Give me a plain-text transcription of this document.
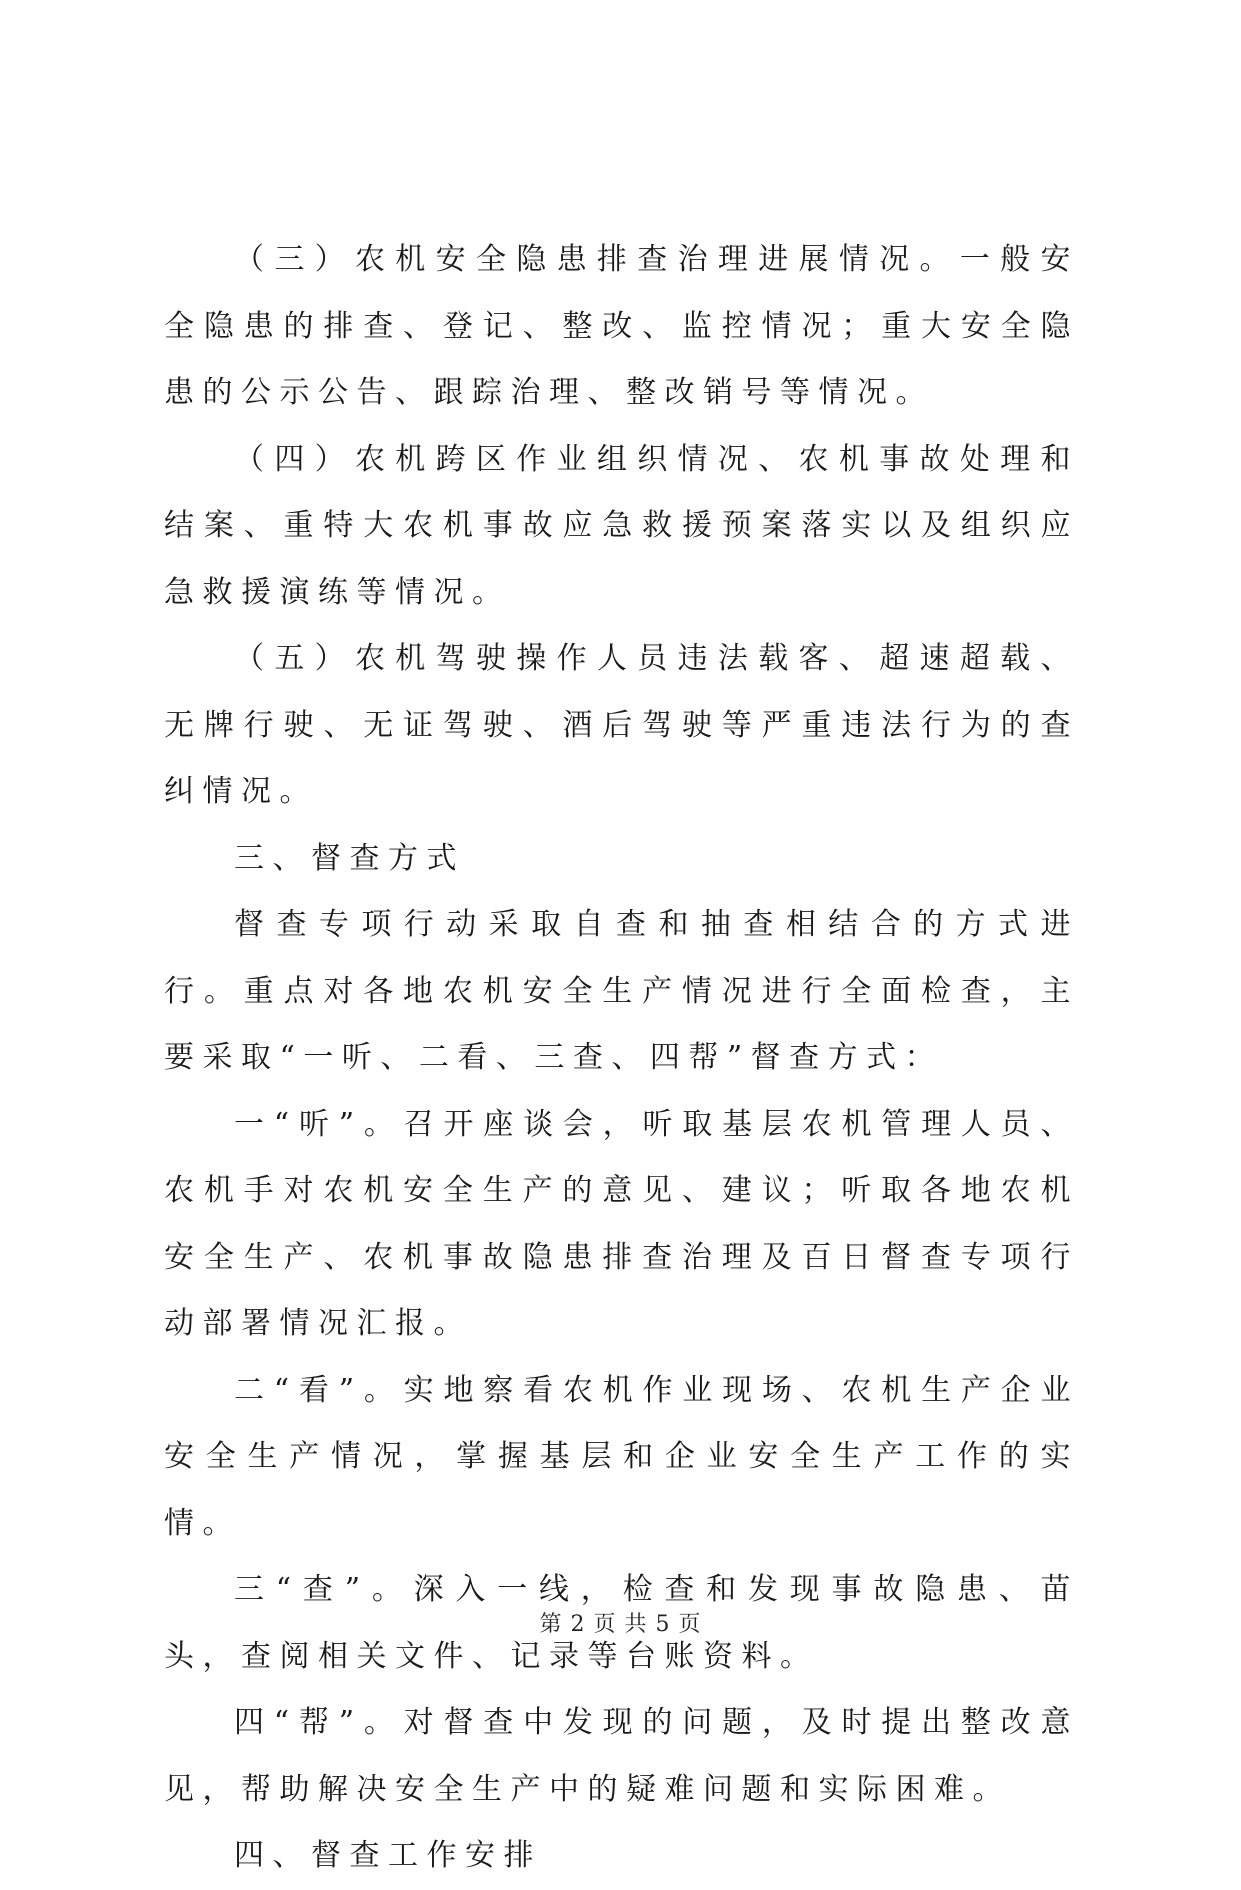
（三）农机安全隐患排查治理进展情况。一般安全隐患的排查、登记、整改、监控情况；重大安全隐患的公示公告、跟踪治理、整改销号等情况。

（四）农机跨区作业组织情况、农机事故处理和结案、重特大农机事故应急救援预案落实以及组织应急救援演练等情况。

（五）农机驾驶操作人员违法载客、超速超载、无牌行驶、无证驾驶、酒后驾驶等严重违法行为的查纠情况。

三、督查方式

督查专项行动采取自查和抽查相结合的方式进行。重点对各地农机安全生产情况进行全面检查，主要采取“一听、二看、三查、四帮”督查方式：

一“听”。召开座谈会，听取基层农机管理人员、农机手对农机安全生产的意见、建议；听取各地农机安全生产、农机事故隐患排查治理及百日督查专项行动部署情况汇报。

二“看”。实地察看农机作业现场、农机生产企业安全生产情况，掌握基层和企业安全生产工作的实情。

三“查”。深入一线，检查和发现事故隐患、苗头，查阅相关文件、记录等台账资料。

四“帮”。对督查中发现的问题，及时提出整改意见，帮助解决安全生产中的疑难问题和实际困难。

四、督查工作安排

第 2 页 共 5 页
